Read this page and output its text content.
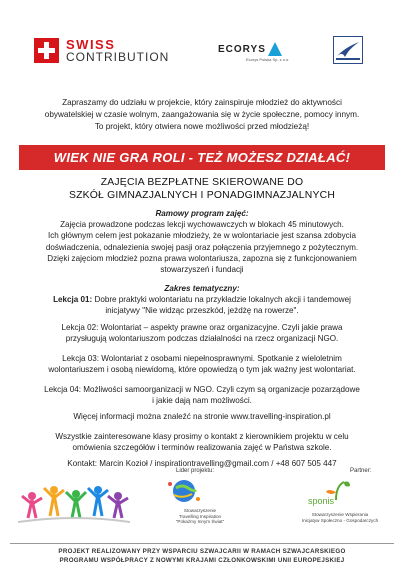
SWISS
CONTRIBUTION
ECORYS
Ecorys Polska Sp. z o.o.
Zapraszamy do udziału w projekcie, który zainspiruje młodzież do aktywności
obywatelskiej w czasie wolnym, zaangażowania się w życie społeczne, pomocy innym.
To projekt, który otwiera nowe możliwości przed młodzieżą!
WIEK NIE GRA ROLI - TEŻ MOŻESZ DZIAŁAĆ!
ZAJĘCIA BEZPŁATNE SKIEROWANE DO
SZKÓŁ GIMNAZJALNYCH I PONADGIMNAZJALNYCH
Ramowy program zajęć:
Zajęcia prowadzone podczas lekcji wychowawczych w blokach 45 minutowych.
Ich głównym celem jest pokazanie młodzieży, że w wolontariacie jest szansa zdobycia
doświadczenia, odnalezienia swojej pasji oraz połączenia przyjemnego z pożytecznym.
Dzięki zajęciom młodzież pozna prawa wolontariusza, zapozna się z funkcjonowaniem
stowarzyszeń i fundacji
Zakres tematyczny:
Lekcja 01: Dobre praktyki wolontariatu na przykładzie lokalnych akcji i tandemowej
inicjatywy "Nie widząc przeszkód, jeżdżę na rowerze".
Lekcja 02: Wolontariat – aspekty prawne oraz organizacyjne. Czyli jakie prawa
przysługują wolontariuszom podczas działalności na rzecz organizacji NGO.
Lekcja 03: Wolontariat z osobami niepełnosprawnymi. Spotkanie z wieloletnim
wolontariuszem i osobą niewidomą, które opowiedzą o tym jak ważny jest wolontariat.
Lekcja 04: Możliwości samoorganizacji w NGO. Czyli czym są organizacje pozarządowe
i jakie dają nam możliwości.
Więcej informacji można znaleźć na stronie www.travelling-inspiration.pl
Wszystkie zainteresowane klasy prosimy o kontakt z kierownikiem projektu w celu
omówienia szczegółów i terminów realizowania zajęć w Państwa szkole.
Kontakt: Marcin Kozioł / inspirationtravelling@gmail.com / +48 607 505 447
Lider projektu:	Partner:
Stowarzyszenie
Travelling Inspiration
"Pokażmy Innym Świat"
sponis
Stowarzyszenie Wspierania
Inicjatyw Społeczno - Gospodarczych
PROJEKT REALIZOWANY PRZY WSPARCIU SZWAJCARII W RAMACH SZWAJCARSKIEGO
PROGRAMU WSPÓŁPRACY Z NOWYMI KRAJAMI CZŁONKOWSKIMI UNII EUROPEJSKIEJ
